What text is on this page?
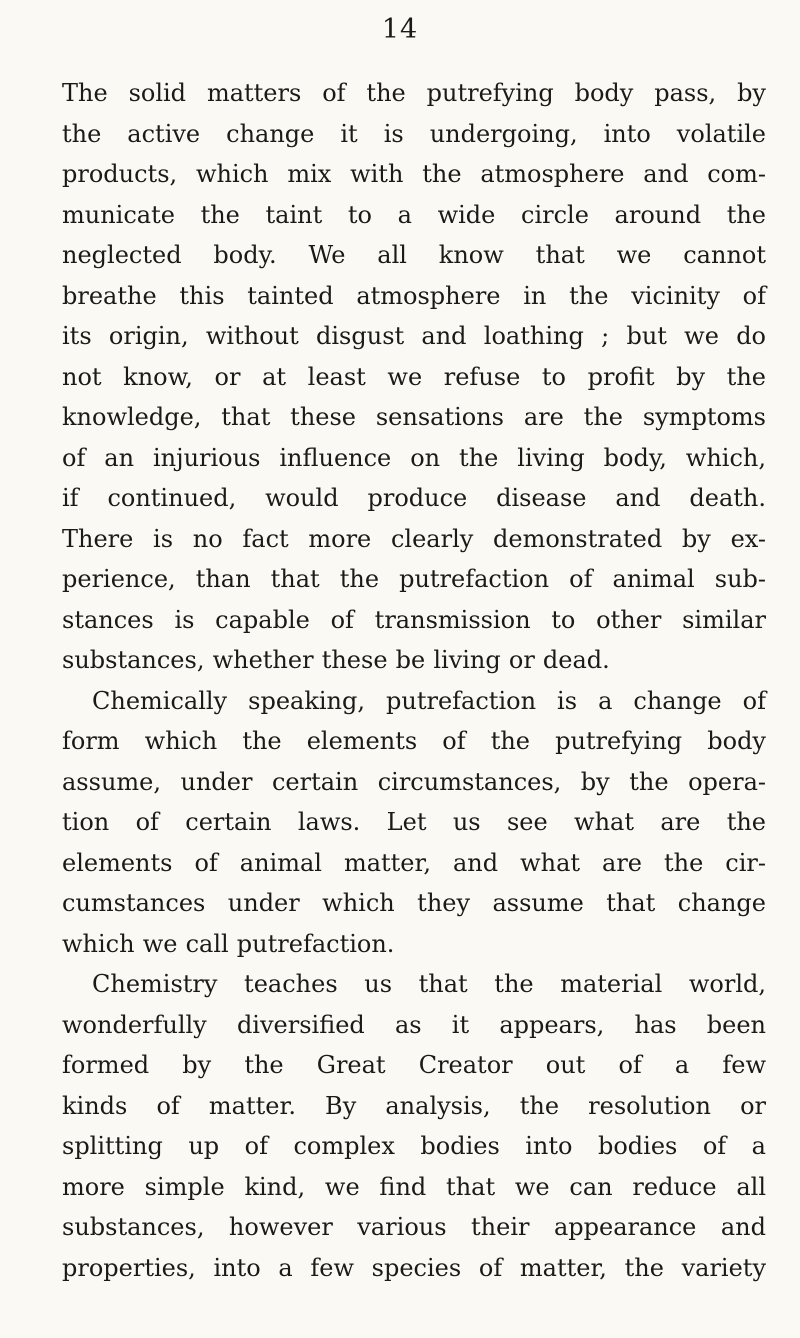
14
The solid matters of the putrefying body pass, by
the active change it is undergoing, into volatile
products, which mix with the atmosphere and com-
municate the taint to a wide circle around the
neglected body. We all know that we cannot
breathe this tainted atmosphere in the vicinity of
its origin, without disgust and loathing ; but we do
not know, or at least we refuse to profit by the
knowledge, that these sensations are the symptoms
of an injurious influence on the living body, which,
if continued, would produce disease and death.
There is no fact more clearly demonstrated by ex-
perience, than that the putrefaction of animal sub-
stances is capable of transmission to other similar
substances, whether these be living or dead.
Chemically speaking, putrefaction is a change of
form which the elements of the putrefying body
assume, under certain circumstances, by the opera-
tion of certain laws. Let us see what are the
elements of animal matter, and what are the cir-
cumstances under which they assume that change
which we call putrefaction.
Chemistry teaches us that the material world,
wonderfully diversified as it appears, has been
formed by the Great Creator out of a few
kinds of matter. By analysis, the resolution or
splitting up of complex bodies into bodies of a
more simple kind, we find that we can reduce all
substances, however various their appearance and
properties, into a few species of matter, the variety
